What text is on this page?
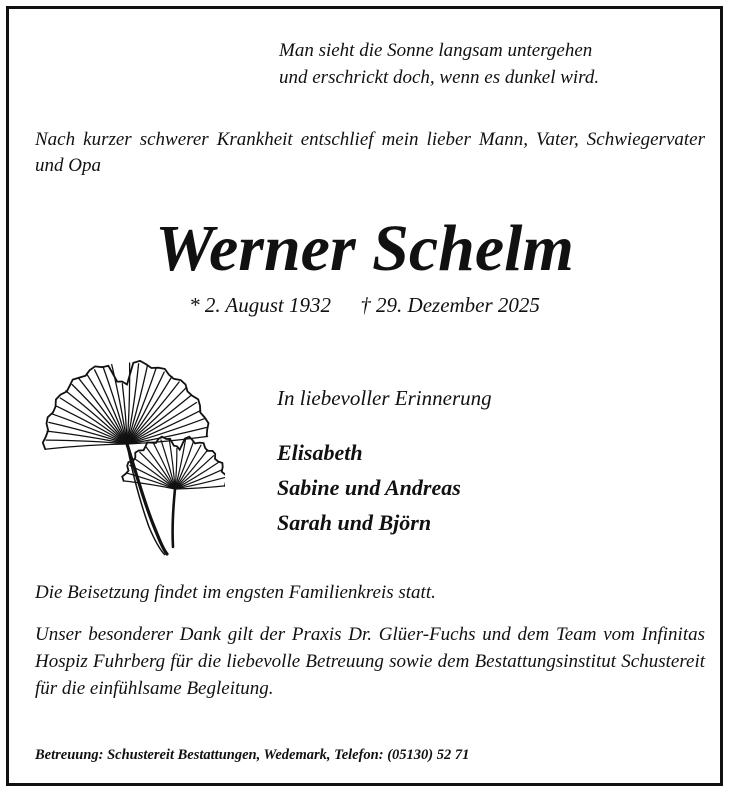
Man sieht die Sonne langsam untergehen
und erschrickt doch, wenn es dunkel wird.

Nach kurzer schwerer Krankheit entschlief mein lieber Mann, Vater, Schwiegervater und Opa

Werner Schelm
* 2. August 1932 † 29. Dezember 2025
In liebevoller Erinnerung
Elisabeth
Sabine und Andreas
Sarah und Björn
Die Beisetzung findet im engsten Familienkreis statt.

Unser besonderer Dank gilt der Praxis Dr. Glüer-Fuchs und dem Team vom Infinitas Hospiz Fuhrberg für die liebevolle Betreuung sowie dem Bestattungsinstitut Schustereit für die einfühlsame Begleitung.

Betreuung: Schustereit Bestattungen, Wedemark, Telefon: (05130) 52 71
